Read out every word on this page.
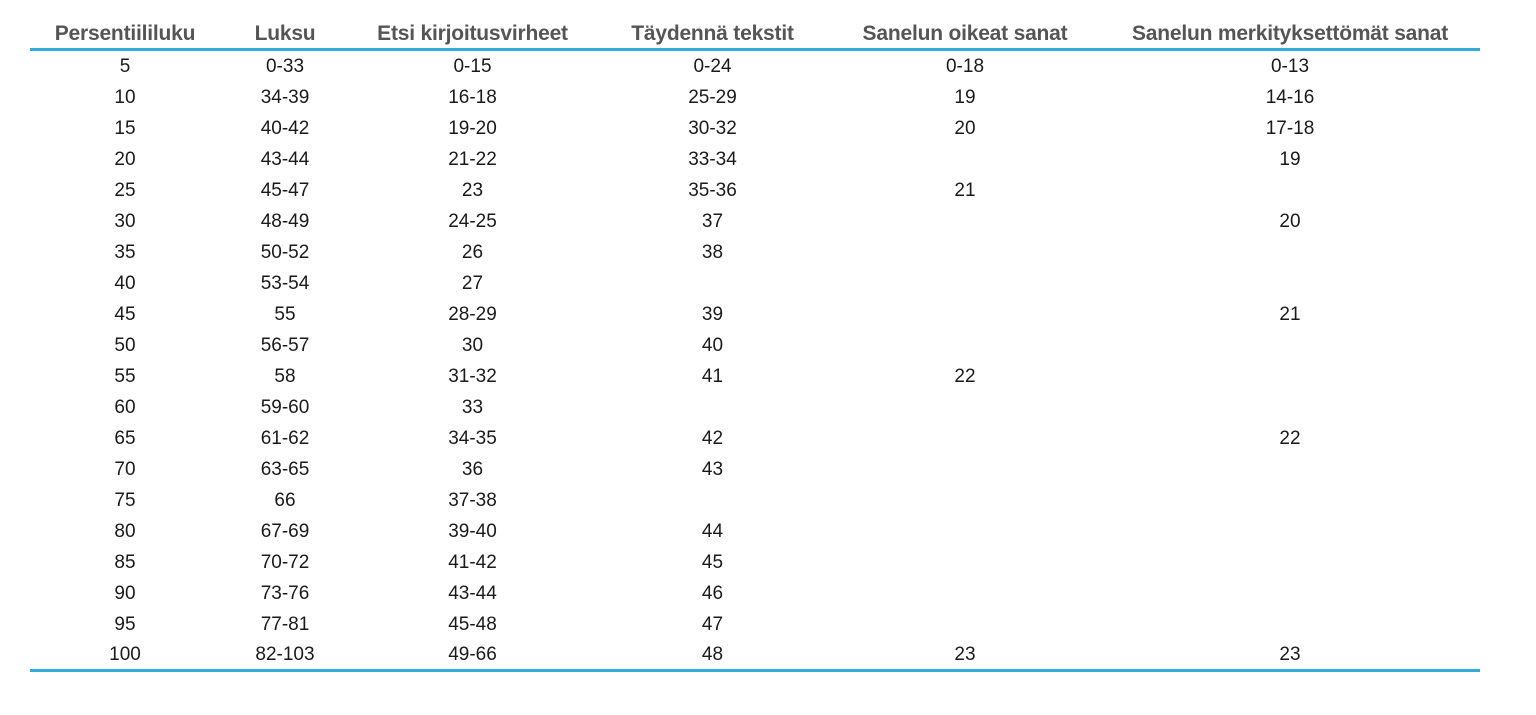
Persentiililuku	Luksu	Etsi kirjoitusvirheet	Täydennä tekstit	Sanelun oikeat sanat	Sanelun merkityksettömät sanat
5	0-33	0-15	0-24	0-18	0-13
10	34-39	16-18	25-29	19	14-16
15	40-42	19-20	30-32	20	17-18
20	43-44	21-22	33-34		19
25	45-47	23	35-36	21	
30	48-49	24-25	37		20
35	50-52	26	38		
40	53-54	27			
45	55	28-29	39		21
50	56-57	30	40		
55	58	31-32	41	22	
60	59-60	33			
65	61-62	34-35	42		22
70	63-65	36	43		
75	66	37-38			
80	67-69	39-40	44		
85	70-72	41-42	45		
90	73-76	43-44	46		
95	77-81	45-48	47		
100	82-103	49-66	48	23	23
